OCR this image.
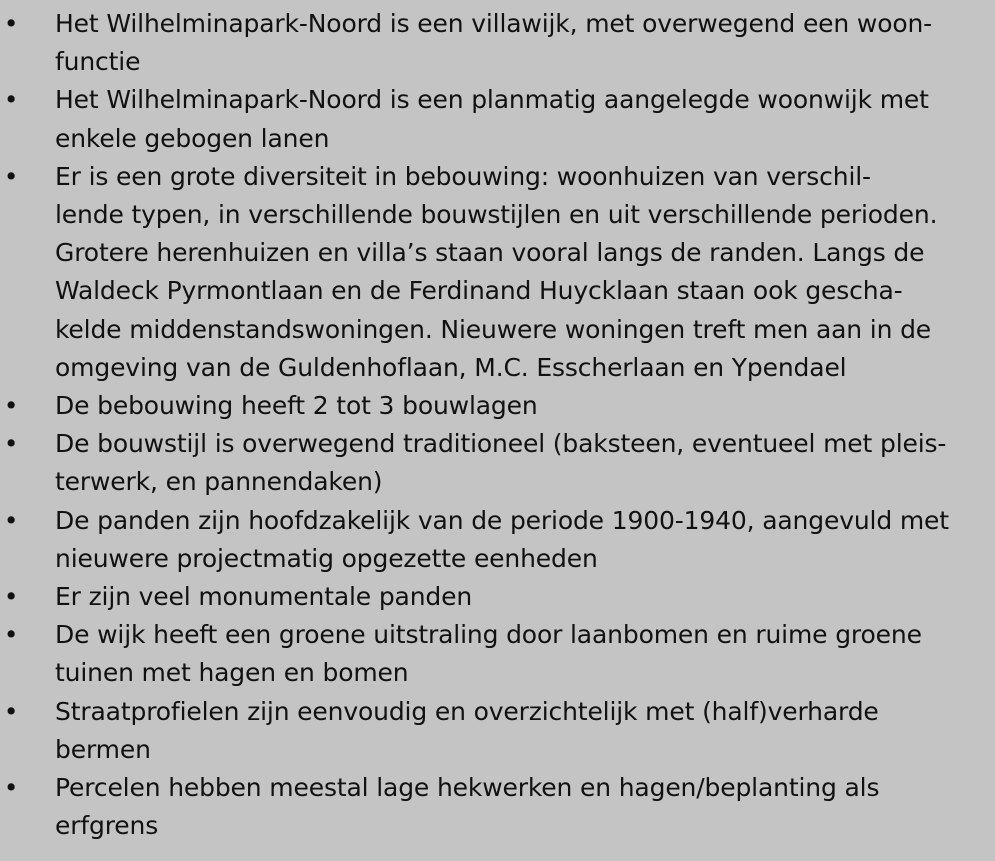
• Het Wilhelminapark-Noord is een villawijk, met overwegend een woon-
functie
• Het Wilhelminapark-Noord is een planmatig aangelegde woonwijk met
enkele gebogen lanen
• Er is een grote diversiteit in bebouwing: woonhuizen van verschil-
lende typen, in verschillende bouwstijlen en uit verschillende perioden.
Grotere herenhuizen en villa’s staan vooral langs de randen. Langs de
Waldeck Pyrmontlaan en de Ferdinand Huycklaan staan ook gescha-
kelde middenstandswoningen. Nieuwere woningen treft men aan in de
omgeving van de Guldenhoflaan, M.C. Esscherlaan en Ypendael
• De bebouwing heeft 2 tot 3 bouwlagen
• De bouwstijl is overwegend traditioneel (baksteen, eventueel met pleis-
terwerk, en pannendaken)
• De panden zijn hoofdzakelijk van de periode 1900-1940, aangevuld met
nieuwere projectmatig opgezette eenheden
• Er zijn veel monumentale panden
• De wijk heeft een groene uitstraling door laanbomen en ruime groene
tuinen met hagen en bomen
• Straatprofielen zijn eenvoudig en overzichtelijk met (half)verharde
bermen
• Percelen hebben meestal lage hekwerken en hagen/beplanting als
erfgrens
